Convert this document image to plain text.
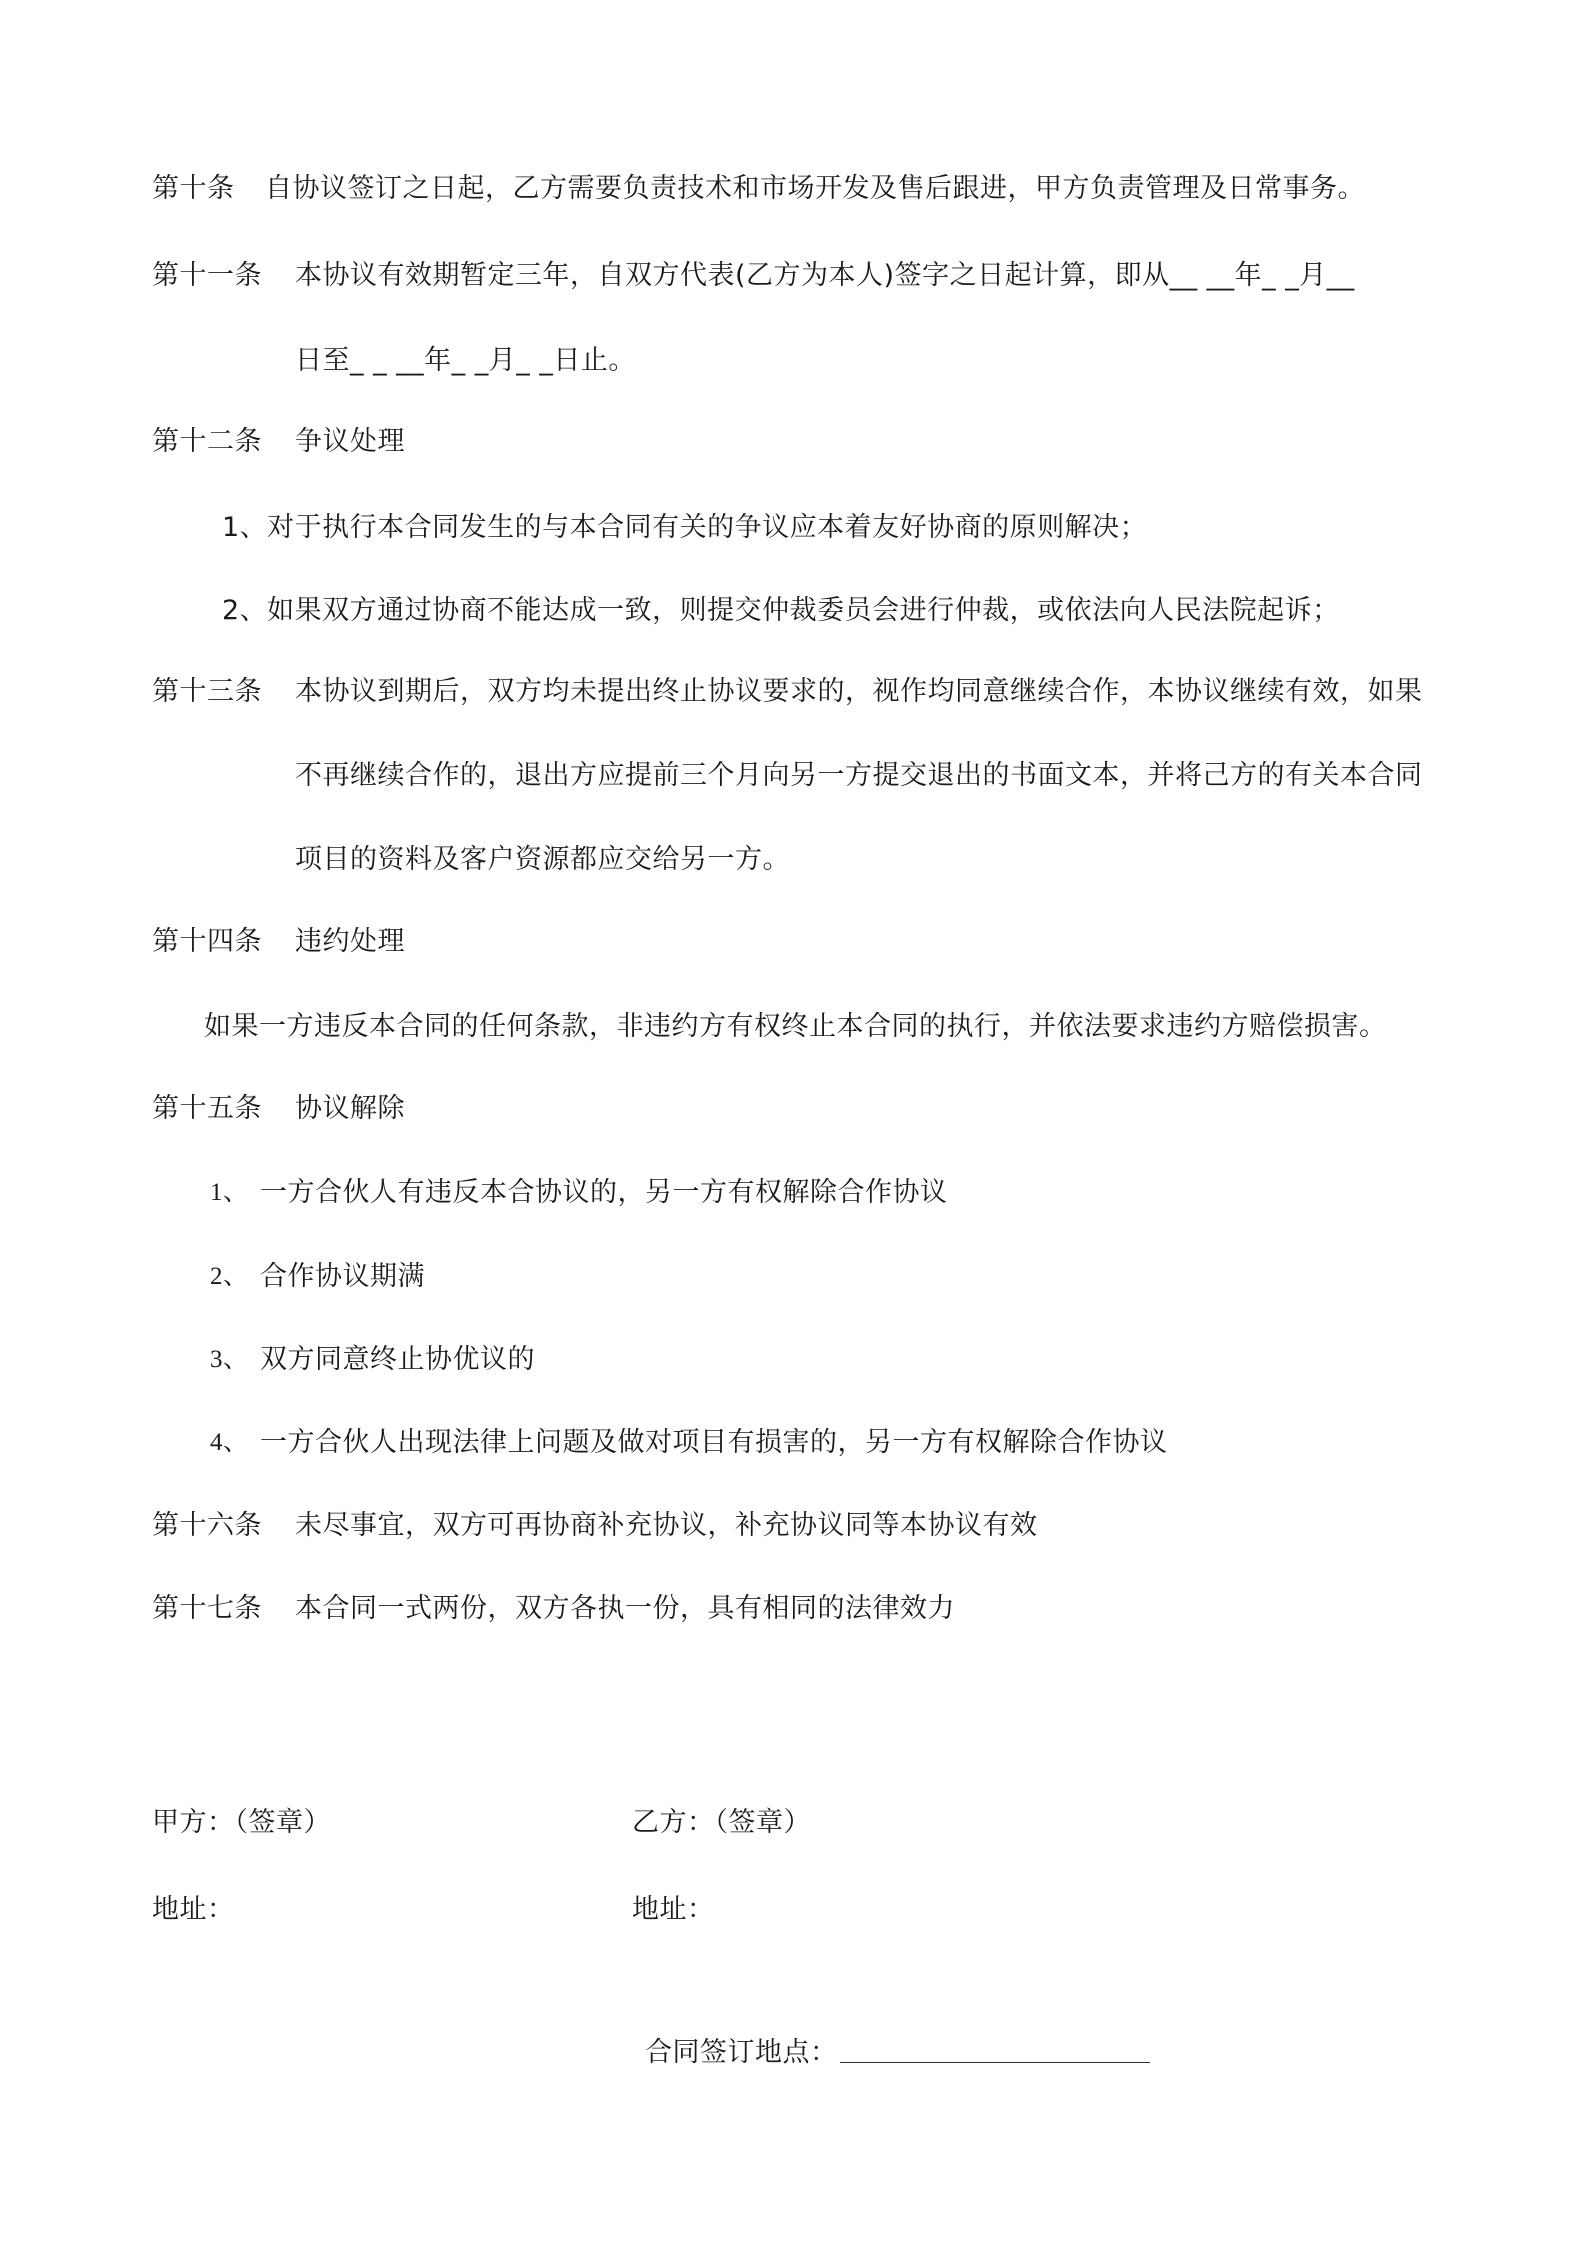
第十条 自协议签订之日起，乙方需要负责技术和市场开发及售后跟进，甲方负责管理及日常事务。
第十一条 本协议有效期暂定三年，自双方代表(乙方为本人)签字之日起计算，即从__ __年_ _月__
日至_ _ __年_ _月_ _日止。
第十二条 争议处理
1、对于执行本合同发生的与本合同有关的争议应本着友好协商的原则解决；
2、如果双方通过协商不能达成一致，则提交仲裁委员会进行仲裁，或依法向人民法院起诉；
第十三条 本协议到期后，双方均未提出终止协议要求的，视作均同意继续合作，本协议继续有效，如果
不再继续合作的，退出方应提前三个月向另一方提交退出的书面文本，并将己方的有关本合同
项目的资料及客户资源都应交给另一方。
第十四条 违约处理
如果一方违反本合同的任何条款，非违约方有权终止本合同的执行，并依法要求违约方赔偿损害。
第十五条 协议解除
1、 一方合伙人有违反本合协议的，另一方有权解除合作协议
2、 合作协议期满
3、 双方同意终止协优议的
4、 一方合伙人出现法律上问题及做对项目有损害的，另一方有权解除合作协议
第十六条 未尽事宜，双方可再协商补充协议，补充协议同等本协议有效
第十七条 本合同一式两份，双方各执一份，具有相同的法律效力
甲方：（签章）	乙方：（签章）
地址：	地址：
合同签订地点：
